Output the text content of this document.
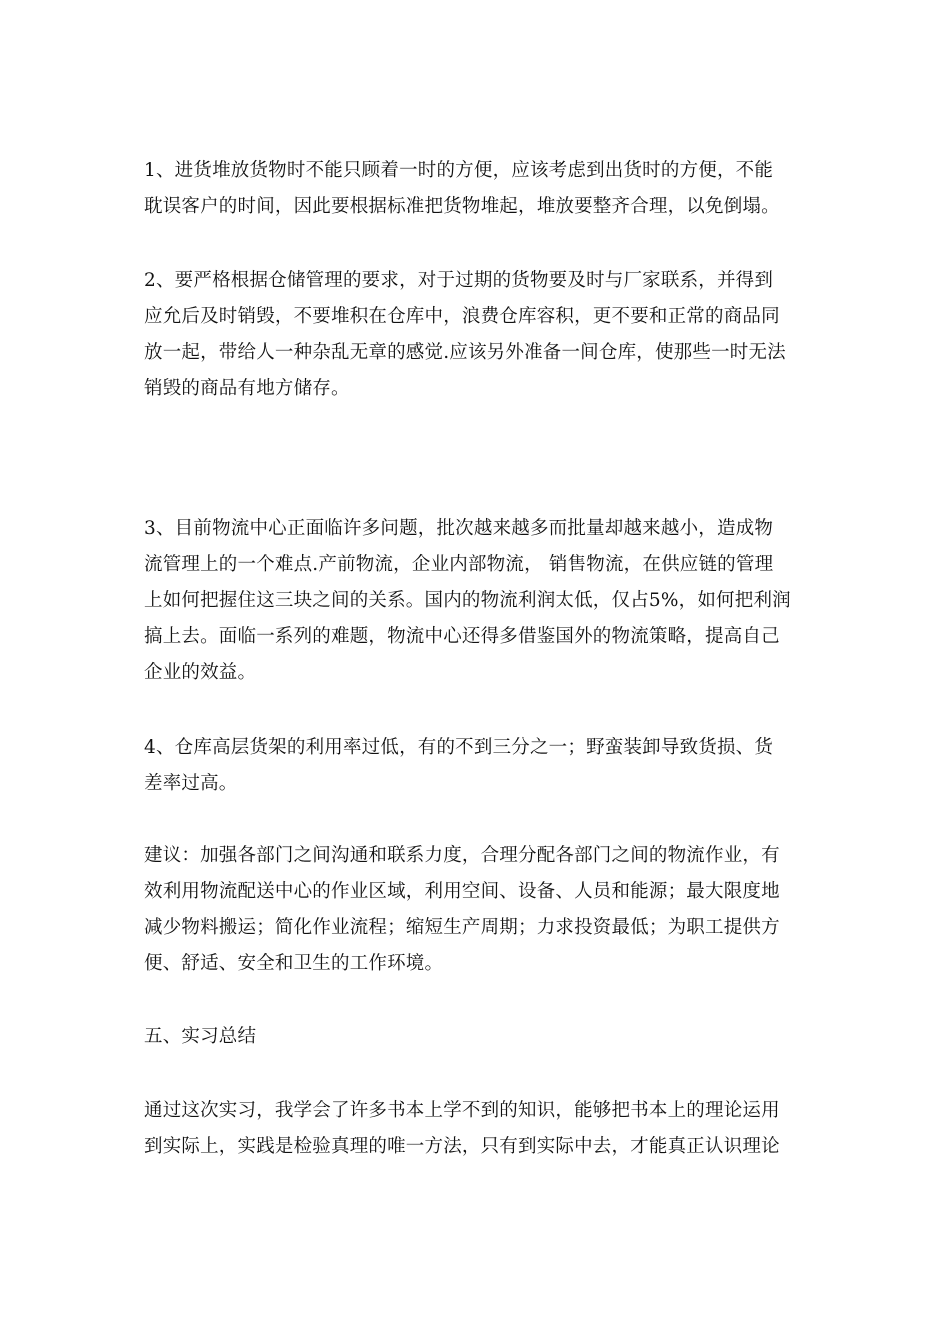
1、进货堆放货物时不能只顾着一时的方便，应该考虑到出货时的方便，不能
耽误客户的时间，因此要根据标准把货物堆起，堆放要整齐合理，以免倒塌。

2、要严格根据仓储管理的要求，对于过期的货物要及时与厂家联系，并得到
应允后及时销毁，不要堆积在仓库中，浪费仓库容积，更不要和正常的商品同
放一起，带给人一种杂乱无章的感觉.应该另外准备一间仓库，使那些一时无法
销毁的商品有地方储存。

3、目前物流中心正面临许多问题，批次越来越多而批量却越来越小，造成物
流管理上的一个难点.产前物流，企业内部物流， 销售物流，在供应链的管理
上如何把握住这三块之间的关系。国内的物流利润太低，仅占5%，如何把利润
搞上去。面临一系列的难题，物流中心还得多借鉴国外的物流策略，提高自己
企业的效益。

4、仓库高层货架的利用率过低，有的不到三分之一；野蛮装卸导致货损、货
差率过高。

建议：加强各部门之间沟通和联系力度，合理分配各部门之间的物流作业，有
效利用物流配送中心的作业区域，利用空间、设备、人员和能源；最大限度地
减少物料搬运；简化作业流程；缩短生产周期；力求投资最低；为职工提供方
便、舒适、安全和卫生的工作环境。

五、实习总结

通过这次实习，我学会了许多书本上学不到的知识，能够把书本上的理论运用
到实际上，实践是检验真理的唯一方法，只有到实际中去，才能真正认识理论
